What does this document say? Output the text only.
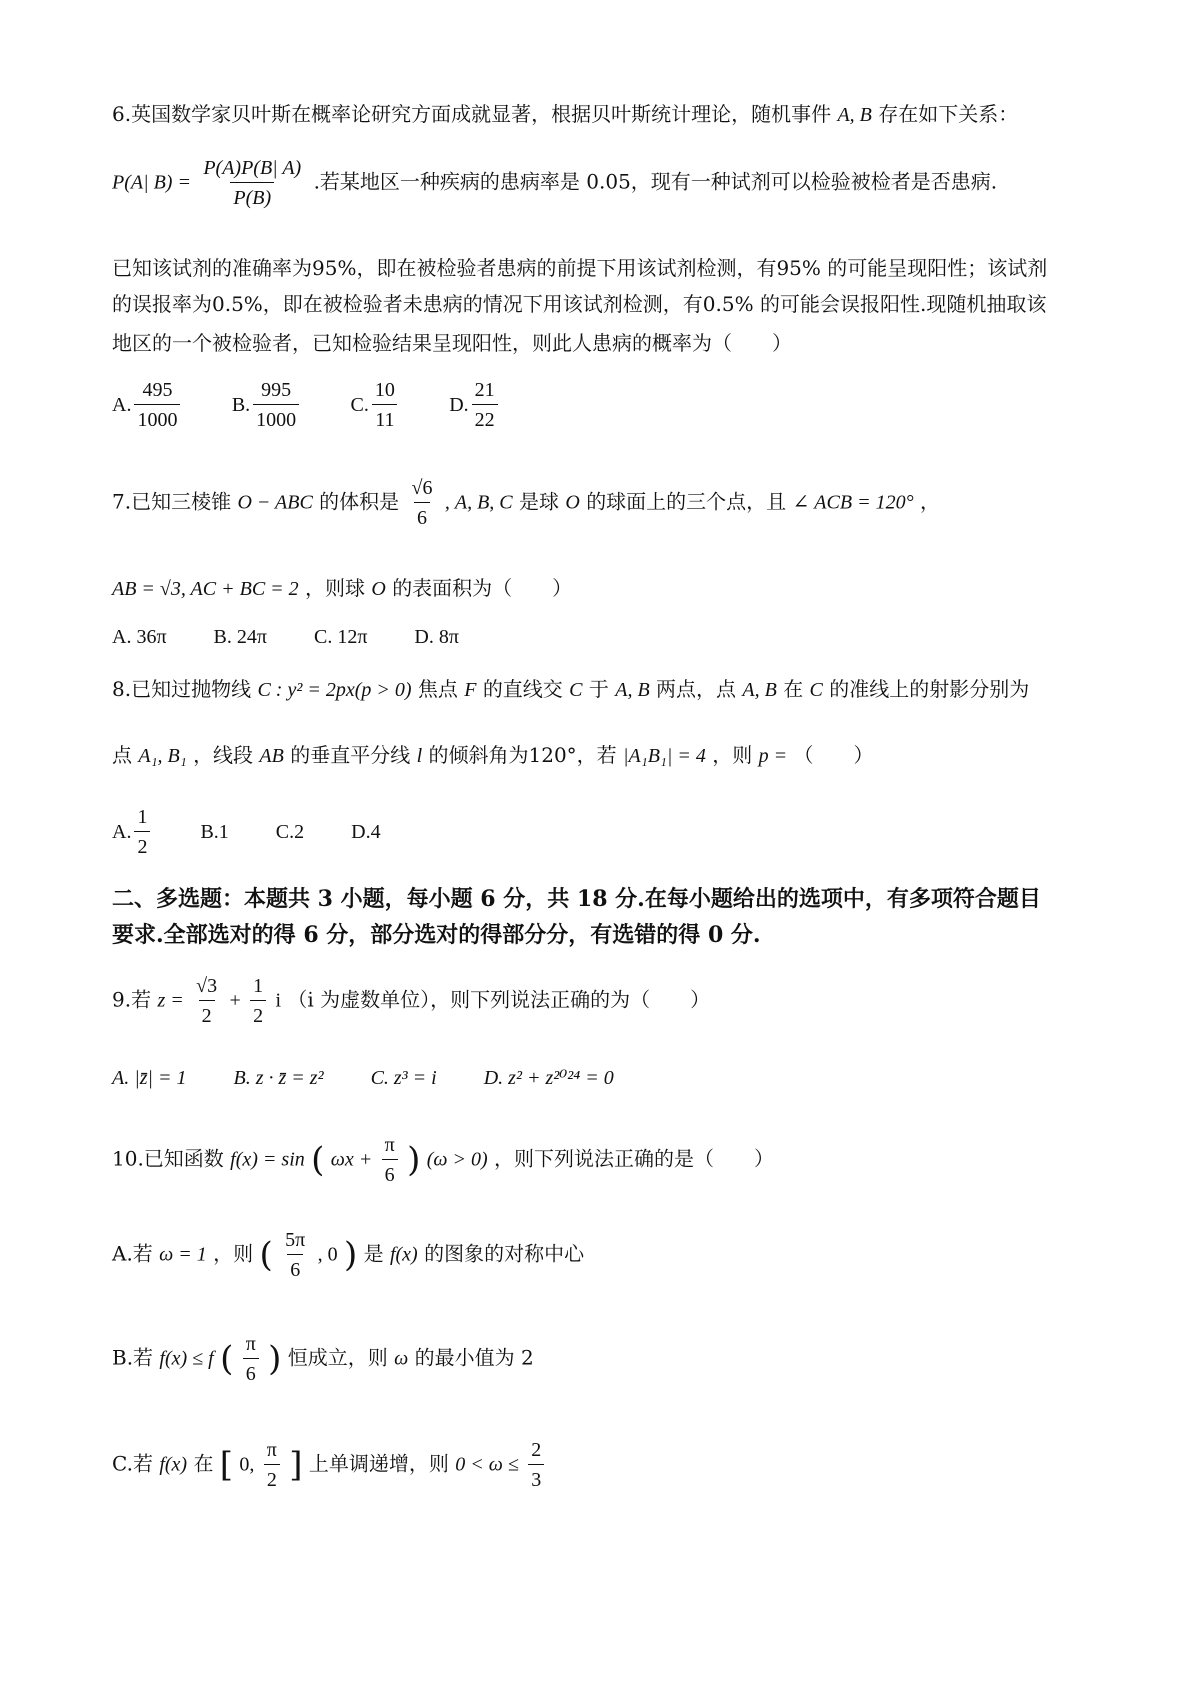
6.英国数学家贝叶斯在概率论研究方面成就显著，根据贝叶斯统计理论，随机事件 A, B 存在如下关系：
P(A| $B) = \frac{P(A)P(B| A)}{P(B)}$ .若某地区一种疾病的患病率是 0.05，现有一种试剂可以检验被检者是否患病.
已知该试剂的准确率为95%，即在被检验者患病的前提下用该试剂检测，有95% 的可能呈现阳性；该试剂
的误报率为0.5%，即在被检验者未患病的情况下用该试剂检测，有0.5% 的可能会误报阳性.现随机抽取该
地区的一个被检验者，已知检验结果呈现阳性，则此人患病的概率为（　　）
A. $\frac{495}{1000}$
	B. $\frac{995}{1000}$
	C. $\frac{10}{11}$
	D. $\frac{21}{22}$
7.已知三棱锥 O − ABC 的体积是 $\frac{√6}{6}$ , A, B, C 是球 O 的球面上的三个点，且 ∠ ACB = 120° ，
AB = √3, AC + BC = 2 ，则球 O 的表面积为（　　）
A. 36π B. 24π C. 12π D. 8π
8.已知过抛物线 C : y² = 2px(p > 0) 焦点 F 的直线交 C 于 A, B 两点，点 A, B 在 C 的准线上的射影分别为
点 A₁, B₁ ，线段 AB 的垂直平分线 l 的倾斜角为120°，若 |A₁B₁| = 4 ，则 p = （　　）
A. $\frac{1}{2}$	B.1 C.2 D.4
二、多选题：本题共 3 小题，每小题 6 分，共 18 分.在每小题给出的选项中，有多项符合题目
要求.全部选对的得 6 分，部分选对的得部分分，有选错的得 0 分.
9.若 $z = \frac{√3}{2} + \frac{1}{2}$ i （i 为虚数单位），则下列说法正确的为（　　）
A. |z̄| = 1 B. z · z̄ = z² C. z³ = i D. z² + z²⁰²⁴ = 0
10.已知函数 f(x) = sin ( $\omega x + \frac{\pi}{6}$ ) (ω > 0) ，则下列说法正确的是（　　）
A.若 ω = 1 ，则 ( $\frac{5\pi}{6}$ , 0 ) 是 f(x) 的图象的对称中心
B.若 f(x) ≤ f ( $\frac{\pi}{6}$ ) 恒成立，则 ω 的最小值为 2
C.若 f(x) 在 [ 0, $\frac{\pi}{2}$ ] 上单调递增，则 $0 < \omega \le \frac{2}{3}$
